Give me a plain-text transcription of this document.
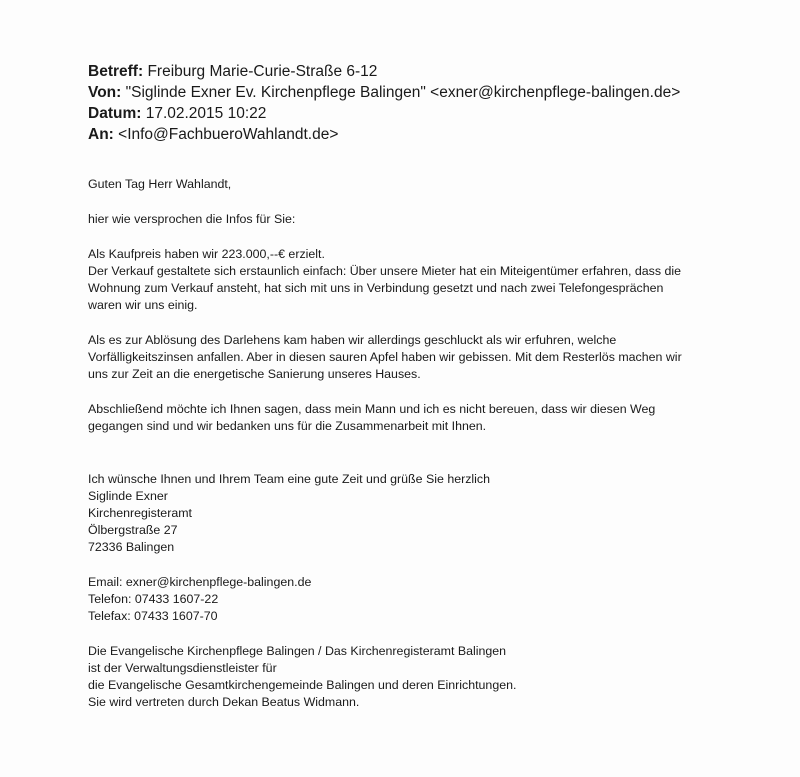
Betreff: Freiburg Marie-Curie-Straße 6-12
Von: "Siglinde Exner Ev. Kirchenpflege Balingen" <exner@kirchenpflege-balingen.de>
Datum: 17.02.2015 10:22
An: <Info@FachbueroWahlandt.de>

Guten Tag Herr Wahlandt,

hier wie versprochen die Infos für Sie:

Als Kaufpreis haben wir 223.000,--€ erzielt.

Der Verkauf gestaltete sich erstaunlich einfach: Über unsere Mieter hat ein Miteigentümer erfahren, dass die

Wohnung zum Verkauf ansteht, hat sich mit uns in Verbindung gesetzt und nach zwei Telefongesprächen

waren wir uns einig.

Als es zur Ablösung des Darlehens kam haben wir allerdings geschluckt als wir erfuhren, welche

Vorfälligkeitszinsen anfallen. Aber in diesen sauren Apfel haben wir gebissen. Mit dem Resterlös machen wir

uns zur Zeit an die energetische Sanierung unseres Hauses.

Abschließend möchte ich Ihnen sagen, dass mein Mann und ich es nicht bereuen, dass wir diesen Weg

gegangen sind und wir bedanken uns für die Zusammenarbeit mit Ihnen.

Ich wünsche Ihnen und Ihrem Team eine gute Zeit und grüße Sie herzlich

Siglinde Exner

Kirchenregisteramt

Ölbergstraße 27

72336 Balingen

Email: exner@kirchenpflege-balingen.de

Telefon: 07433 1607-22

Telefax: 07433 1607-70

Die Evangelische Kirchenpflege Balingen / Das Kirchenregisteramt Balingen

ist der Verwaltungsdienstleister für

die Evangelische Gesamtkirchengemeinde Balingen und deren Einrichtungen.

Sie wird vertreten durch Dekan Beatus Widmann.
